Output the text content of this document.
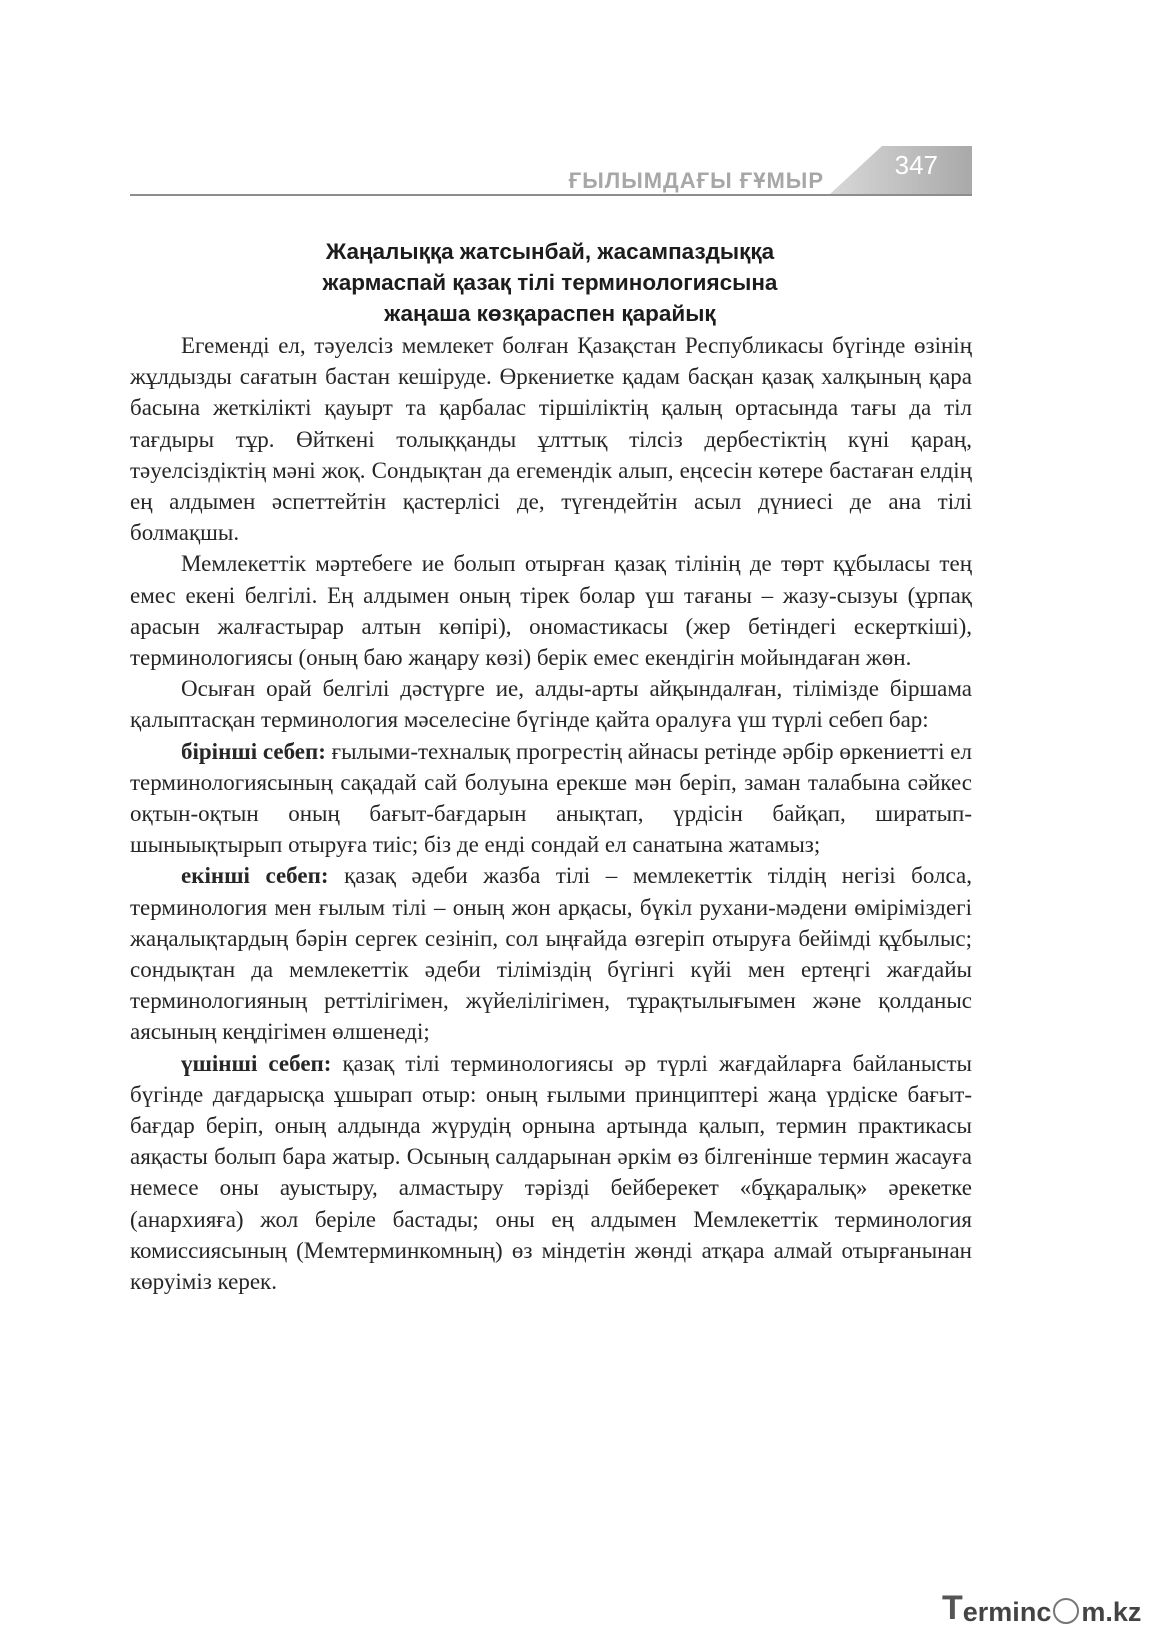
ҒЫЛЫМДАҒЫ ҒҰМЫР
347
Жаңалыққа жатсынбай, жасампаздыққа
жармаспай қазақ тілі терминологиясына
жаңаша көзқараспен қарайық

Егеменді ел, тәуелсіз мемлекет болған Қазақстан Республикасы бүгінде өзінің жұлдызды сағатын бастан кешіруде. Өркениетке қадам басқан қазақ халқының қара басына жеткілікті қауырт та қарбалас тіршіліктің қалың ортасында тағы да тіл тағдыры тұр. Өйткені толыққанды ұлттық тілсіз дербестіктің күні қараң, тәуелсіздіктің мәні жоқ. Сондықтан да егемендік алып, еңсесін көтере бастаған елдің ең алдымен әспеттейтін қастерлісі де, түгендейтін асыл дүниесі де ана тілі болмақшы.

Мемлекеттік мәртебеге ие болып отырған қазақ тілінің де төрт құбыласы тең емес екені белгілі. Ең алдымен оның тірек болар үш тағаны – жазу-сызуы (ұрпақ арасын жалғастырар алтын көпірі), ономастикасы (жер бетіндегі ескерткіші), терминологиясы (оның баю жаңару көзі) берік емес екендігін мойындаған жөн.

Осыған орай белгілі дәстүрге ие, алды-арты айқындалған, тілімізде біршама қалыптасқан терминология мәселесіне бүгінде қайта оралуға үш түрлі себеп бар:

бірінші себеп: ғылыми-техналық прогрестің айнасы ретінде әрбір өркениетті ел терминологиясының сақадай сай болуына ерекше мән беріп, заман талабына сәйкес оқтын-оқтын оның бағыт-бағдарын анықтап, үрдісін байқап, ширатып-шыныықтырып отыруға тиіс; біз де енді сондай ел санатына жатамыз;

екінші себеп: қазақ әдеби жазба тілі – мемлекеттік тілдің негізі болса, терминология мен ғылым тілі – оның жон арқасы, бүкіл рухани-мәдени өміріміздегі жаңалықтардың бәрін сергек сезініп, сол ыңғайда өзгеріп отыруға бейімді құбылыс; сондықтан да мемлекеттік әдеби тіліміздің бүгінгі күйі мен ертеңгі жағдайы терминологияның реттілігімен, жүйелілігімен, тұрақтылығымен және қолданыс аясының кеңдігімен өлшенеді;

үшінші себеп: қазақ тілі терминологиясы әр түрлі жағдайларға байланысты бүгінде дағдарысқа ұшырап отыр: оның ғылыми принциптері жаңа үрдіске бағыт-бағдар беріп, оның алдында жүрудің орнына артында қалып, термин практикасы аяқасты болып бара жатыр. Осының салдарынан әркім өз білгенінше термин жасауға немесе оны ауыстыру, алмастыру тәрізді бейберекет «бұқаралық» әрекетке (анархияға) жол беріле бастады; оны ең алдымен Мемлекеттік терминология комиссиясының (Мемтерминкомның) өз міндетін жөнді атқара алмай отырғанынан көруіміз керек.

T ermin c m.kz
